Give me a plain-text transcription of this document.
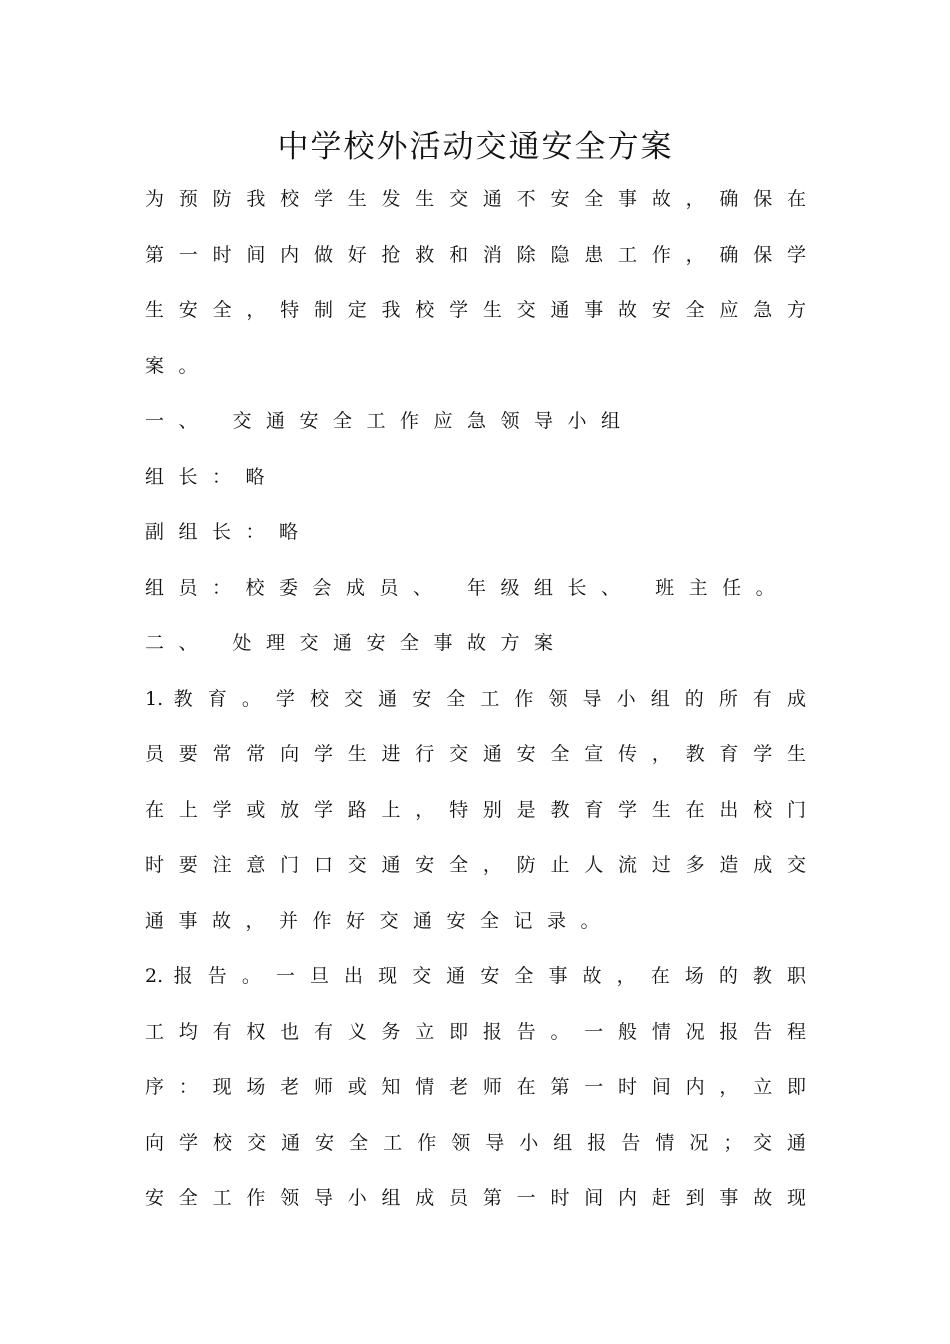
中学校外活动交通安全方案
为 预 防 我 校 学 生 发 生 交 通 不 安 全 事 故 ， 确 保 在
第 一 时 间 内 做 好 抢 救 和 消 除 隐 患 工 作 ， 确 保 学
生 安 全 ， 特 制 定 我 校 学 生 交 通 事 故 安 全 应 急 方
案。
一、 交通安全工作应急领导小组
组长：略
副组长：略
组员：校委会成员、 年级组长、 班主任。
二、 处理交通安全事故方案
1. 教 育 。 学 校 交 通 安 全 工 作 领 导 小 组 的 所 有 成
员 要 常 常 向 学 生 进 行 交 通 安 全 宣 传 ， 教 育 学 生
在 上 学 或 放 学 路 上 ， 特 别 是 教 育 学 生 在 出 校 门
时 要 注 意 门 口 交 通 安 全 ， 防 止 人 流 过 多 造 成 交
通事故，并作好交通安全记录。
2. 报 告 。 一 旦 出 现 交 通 安 全 事 故 ， 在 场 的 教 职
工 均 有 权 也 有 义 务 立 即 报 告 。 一 般 情 况 报 告 程
序 ： 现 场 老 师 或 知 情 老 师 在 第 一 时 间 内 ， 立 即
向 学 校 交 通 安 全 工 作 领 导 小 组 报 告 情 况 ； 交 通
安 全 工 作 领 导 小 组 成 员 第 一 时 间 内 赶 到 事 故 现
